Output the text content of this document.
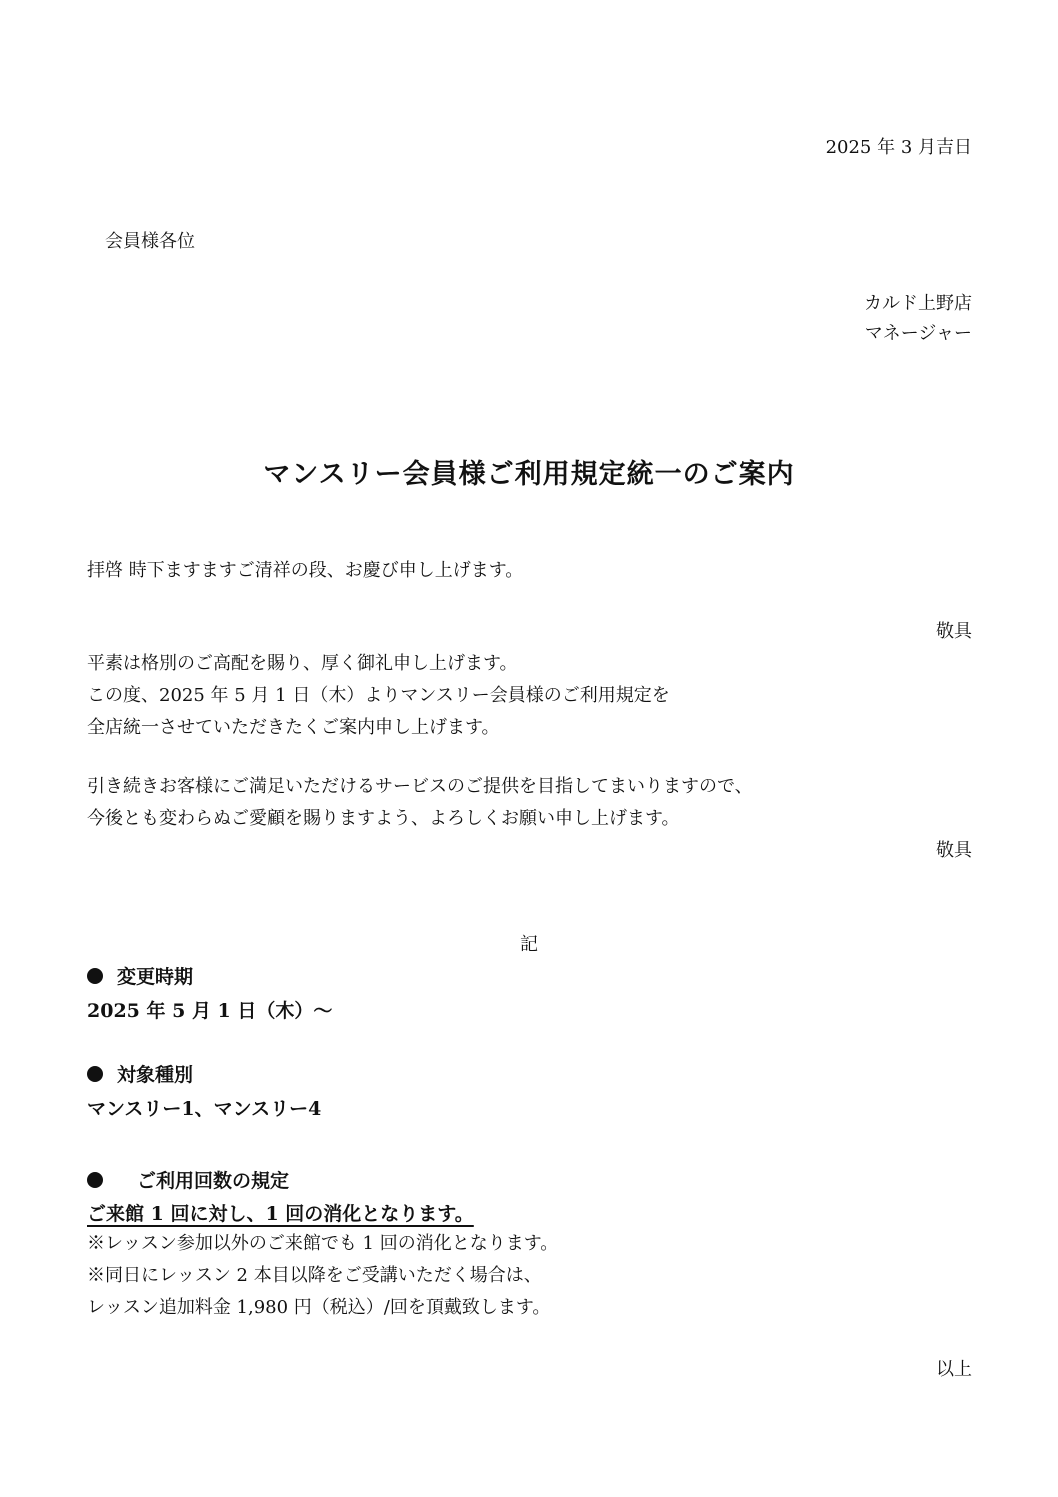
2025 年 3 月吉日
会員様各位
カルド上野店
マネージャー
マンスリー会員様ご利用規定統一のご案内
拝啓 時下ますますご清祥の段、お慶び申し上げます。
敬具
平素は格別のご高配を賜り、厚く御礼申し上げます。
この度、2025 年 5 月 1 日（木）よりマンスリー会員様のご利用規定を
全店統一させていただきたくご案内申し上げます。
引き続きお客様にご満足いただけるサービスのご提供を目指してまいりますので、
今後とも変わらぬご愛顧を賜りますよう、よろしくお願い申し上げます。
敬具
記
変更時期
2025 年 5 月 1 日（木）～
対象種別
マンスリー1、マンスリー4
ご利用回数の規定
ご来館 1 回に対し、1 回の消化となります。
※レッスン参加以外のご来館でも 1 回の消化となります。
※同日にレッスン 2 本目以降をご受講いただく場合は、
レッスン追加料金 1,980 円（税込）/回を頂戴致します。
以上
